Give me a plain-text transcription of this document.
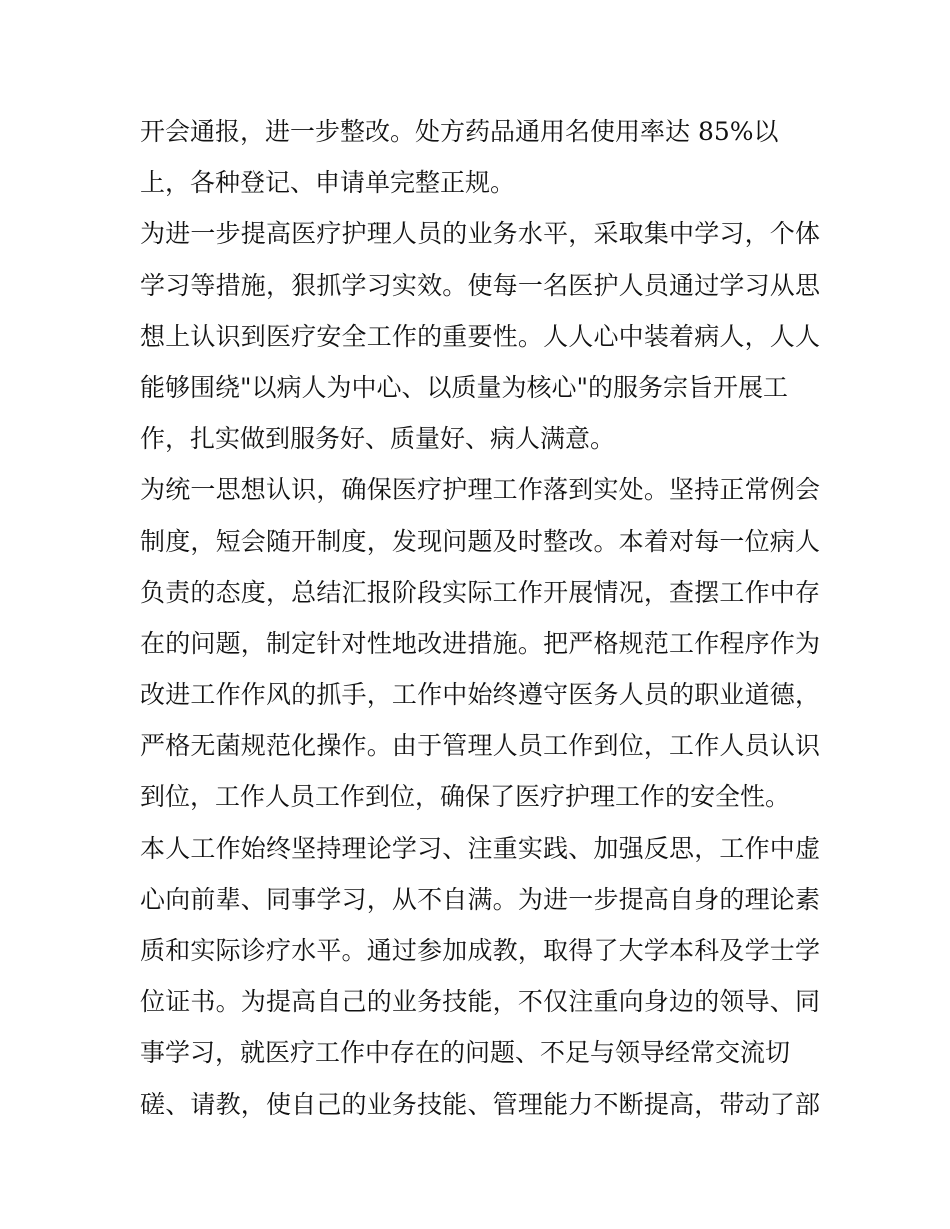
开会通报，进一步整改。处方药品通用名使用率达 85%以
上，各种登记、申请单完整正规。
为进一步提高医疗护理人员的业务水平，采取集中学习，个体
学习等措施，狠抓学习实效。使每一名医护人员通过学习从思
想上认识到医疗安全工作的重要性。人人心中装着病人，人人
能够围绕"以病人为中心、以质量为核心"的服务宗旨开展工
作，扎实做到服务好、质量好、病人满意。
为统一思想认识，确保医疗护理工作落到实处。坚持正常例会
制度，短会随开制度，发现问题及时整改。本着对每一位病人
负责的态度，总结汇报阶段实际工作开展情况，查摆工作中存
在的问题，制定针对性地改进措施。把严格规范工作程序作为
改进工作作风的抓手，工作中始终遵守医务人员的职业道德，
严格无菌规范化操作。由于管理人员工作到位，工作人员认识
到位，工作人员工作到位，确保了医疗护理工作的安全性。
本人工作始终坚持理论学习、注重实践、加强反思，工作中虚
心向前辈、同事学习，从不自满。为进一步提高自身的理论素
质和实际诊疗水平。通过参加成教，取得了大学本科及学士学
位证书。为提高自己的业务技能，不仅注重向身边的领导、同
事学习，就医疗工作中存在的问题、不足与领导经常交流切
磋、请教，使自己的业务技能、管理能力不断提高，带动了部
